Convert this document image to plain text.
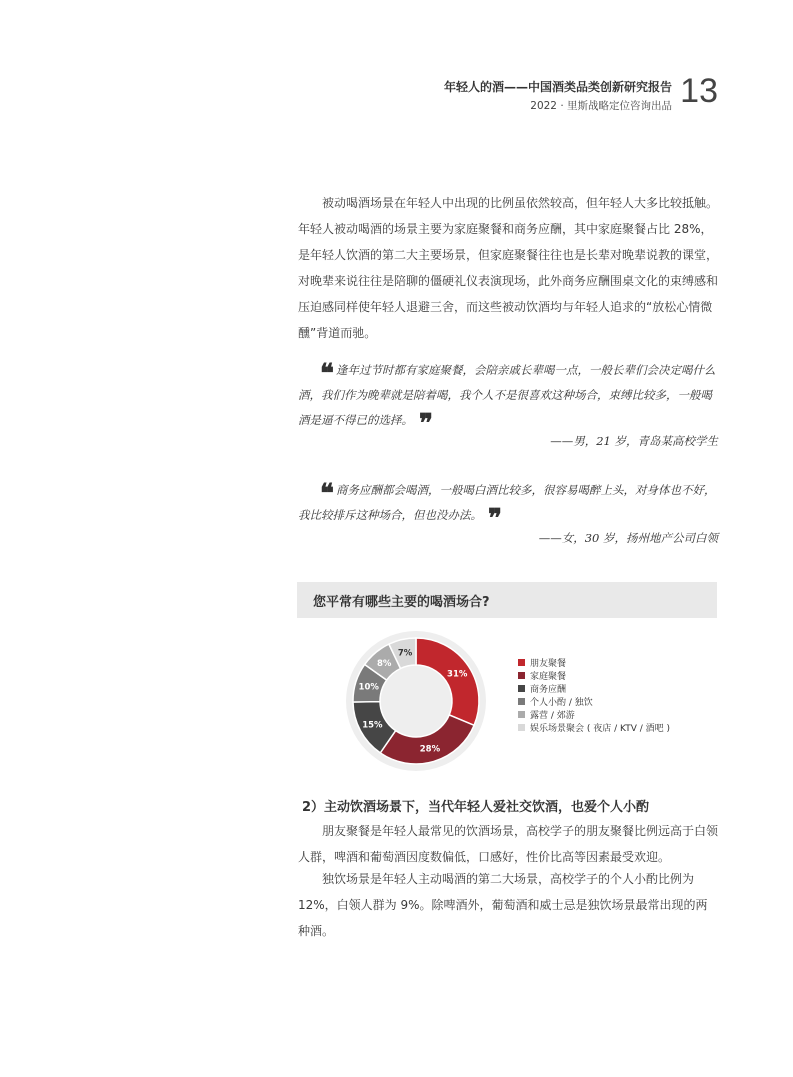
年轻人的酒——中国酒类品类创新研究报告
2022 · 里斯战略定位咨询出品 13

被动喝酒场景在年轻人中出现的比例虽依然较高，但年轻人大多比较抵触。年轻人被动喝酒的场景主要为家庭聚餐和商务应酬，其中家庭聚餐占比 28%，是年轻人饮酒的第二大主要场景，但家庭聚餐往往也是长辈对晚辈说教的课堂，对晚辈来说往往是陪聊的僵硬礼仪表演现场，此外商务应酬围桌文化的束缚感和压迫感同样使年轻人退避三舍，而这些被动饮酒均与年轻人追求的“放松心情微醺”背道而驰。

❝ 逢年过节时都有家庭聚餐，会陪亲戚长辈喝一点，一般长辈们会决定喝什么酒，我们作为晚辈就是陪着喝，我个人不是很喜欢这种场合，束缚比较多，一般喝酒是逼不得已的选择。 ❞
——男，21 岁，青岛某高校学生
❝ 商务应酬都会喝酒，一般喝白酒比较多，很容易喝醉上头，对身体也不好，我比较排斥这种场合，但也没办法。 ❞
——女，30 岁，扬州地产公司白领
您平常有哪些主要的喝酒场合?
31%
28%
15%
10%
8%
7%
朋友聚餐
家庭聚餐
商务应酬
个人小酌 / 独饮
露营 / 郊游
娱乐场景聚会 ( 夜店 / KTV / 酒吧 )
2）主动饮酒场景下，当代年轻人爱社交饮酒，也爱个人小酌

朋友聚餐是年轻人最常见的饮酒场景，高校学子的朋友聚餐比例远高于白领人群，啤酒和葡萄酒因度数偏低，口感好，性价比高等因素最受欢迎。

独饮场景是年轻人主动喝酒的第二大场景，高校学子的个人小酌比例为 12%，白领人群为 9%。除啤酒外，葡萄酒和威士忌是独饮场景最常出现的两种酒。
